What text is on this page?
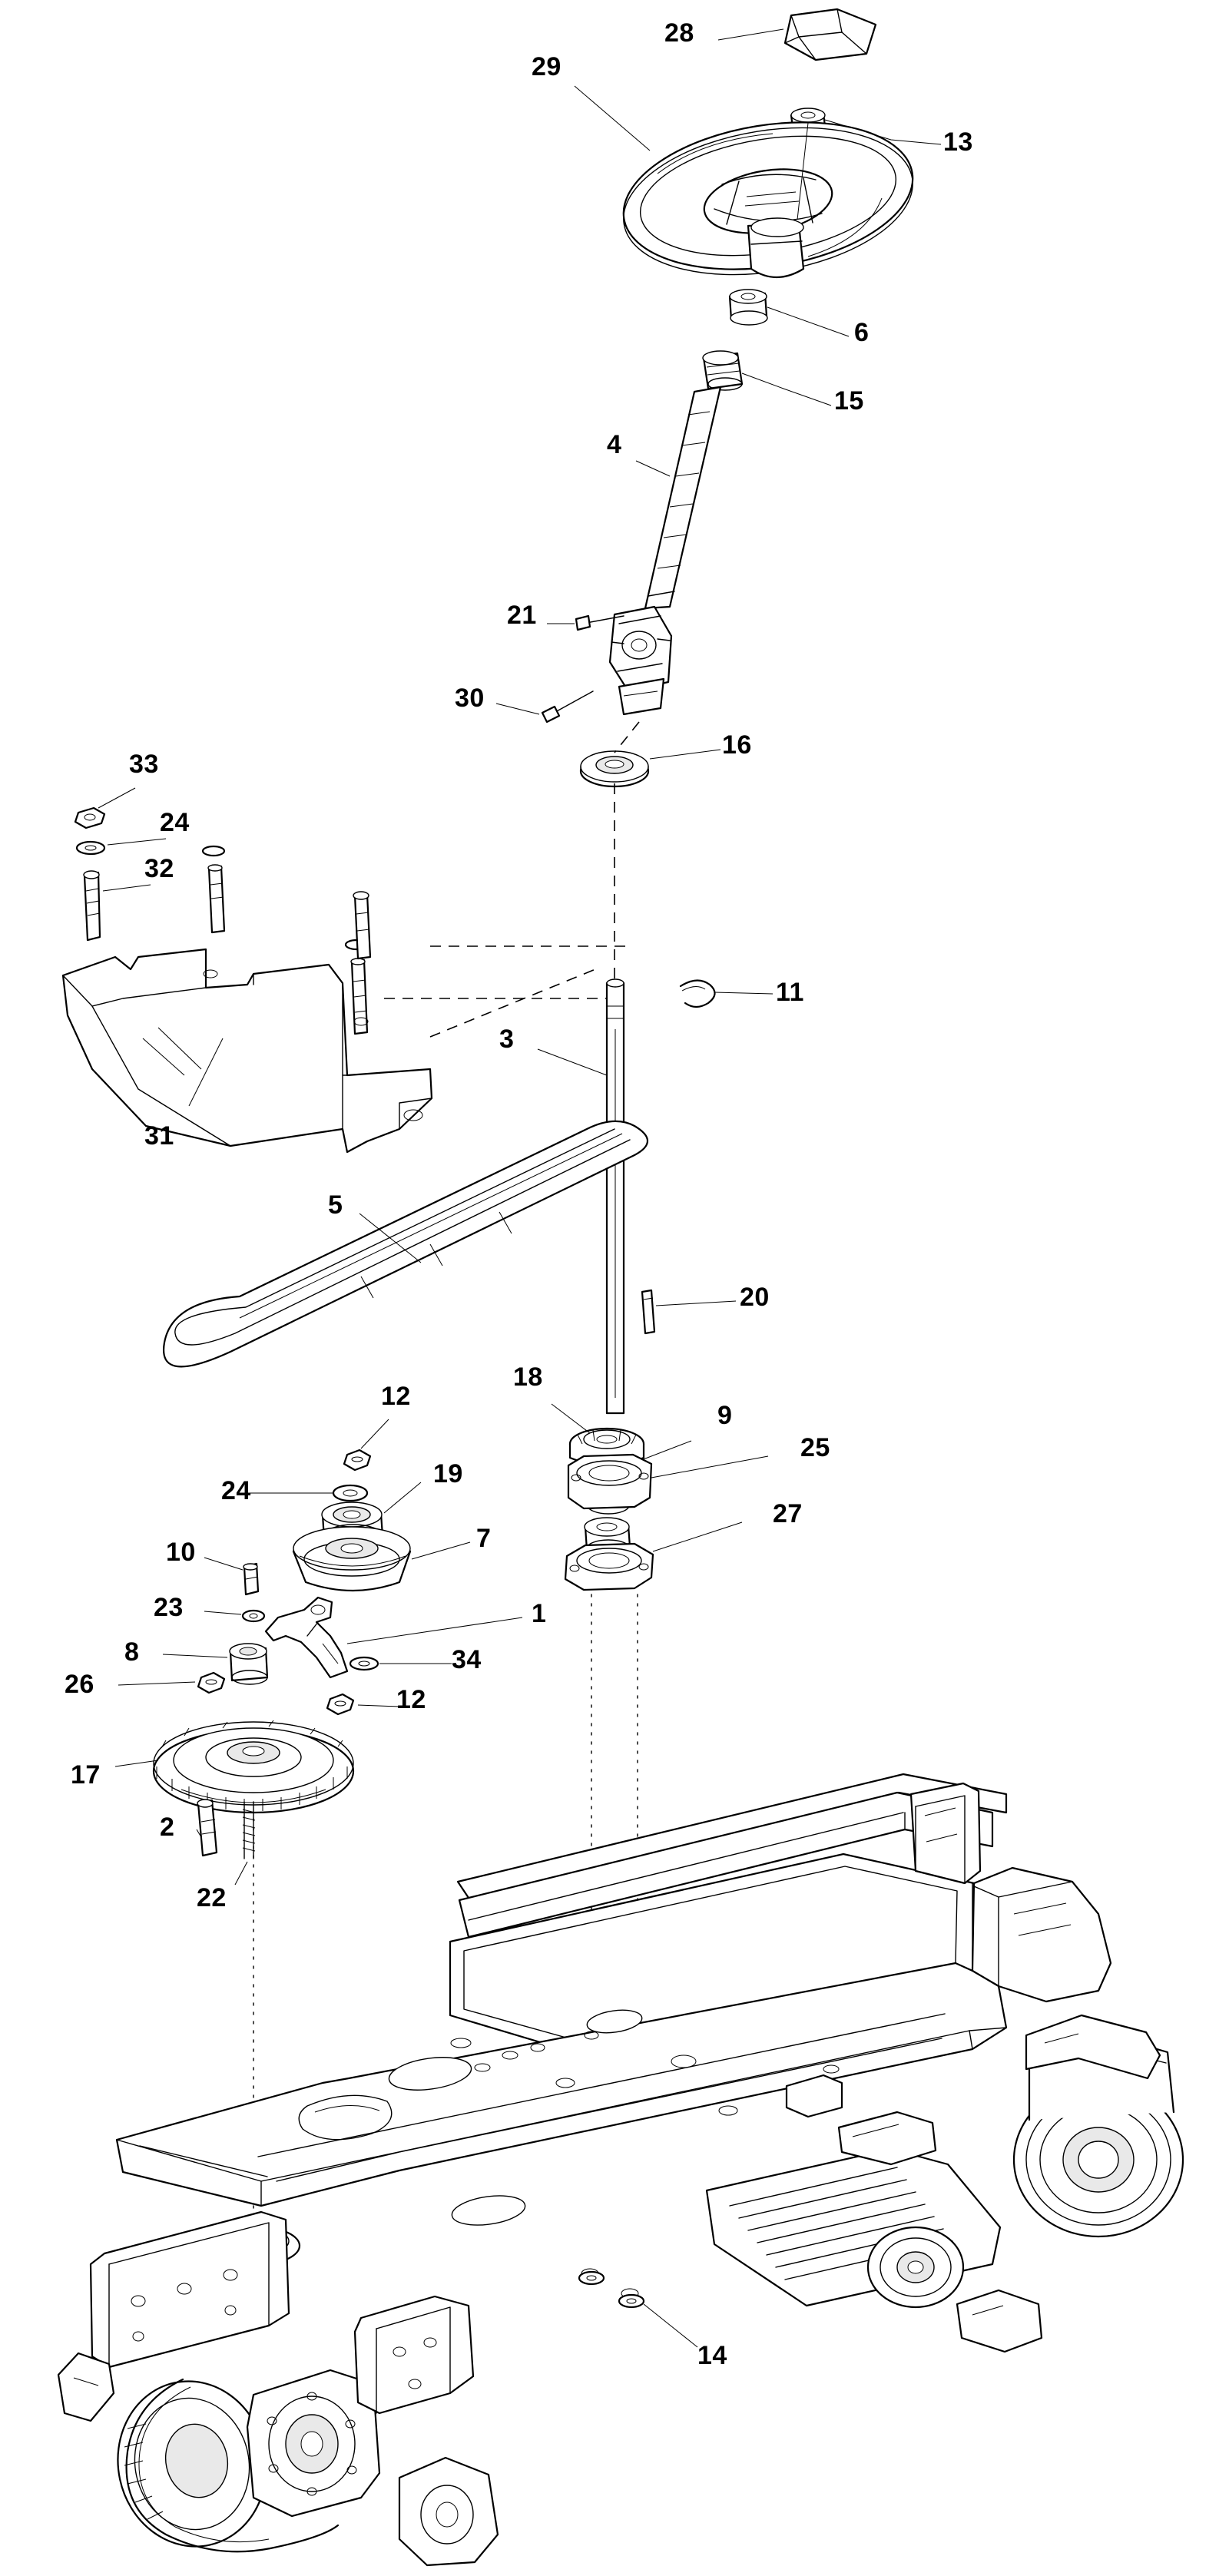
28
29
13
6
15
4
21
30
16
33
24
32
11
3
31
5
20
12
18
9
25
24
19
27
7
10
23	1
8	34
26
12
17
2
22
14
